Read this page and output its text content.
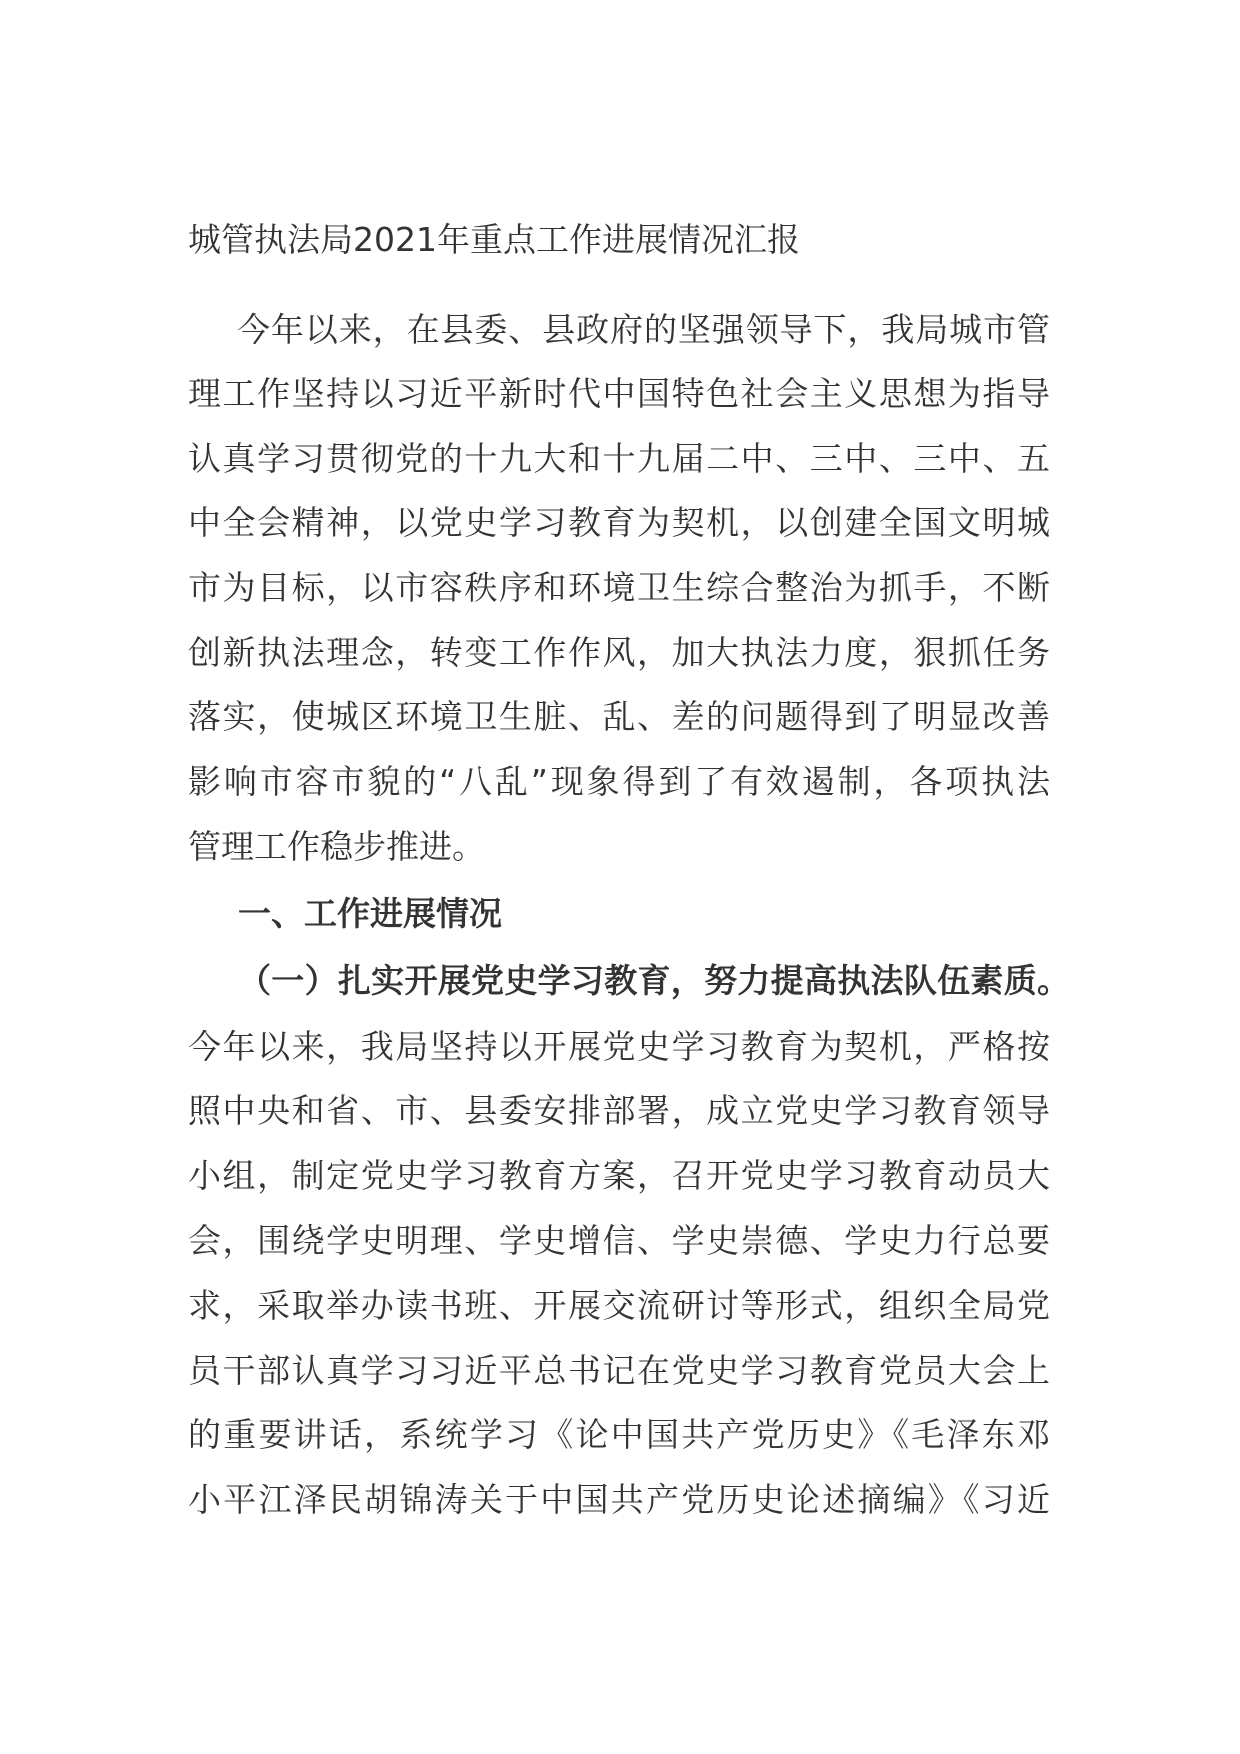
城管执法局2021年重点工作进展情况汇报
今年以来，在县委、县政府的坚强领导下，我局城市管
理工作坚持以习近平新时代中国特色社会主义思想为指导
认真学习贯彻党的十九大和十九届二中、三中、三中、五
中全会精神，以党史学习教育为契机，以创建全国文明城
市为目标，以市容秩序和环境卫生综合整治为抓手，不断
创新执法理念，转变工作作风，加大执法力度，狠抓任务
落实，使城区环境卫生脏、乱、差的问题得到了明显改善
影响市容市貌的“八乱”现象得到了有效遏制，各项执法
管理工作稳步推进。
一、工作进展情况
（一）扎实开展党史学习教育，努力提高执法队伍素质。
今年以来，我局坚持以开展党史学习教育为契机，严格按
照中央和省、市、县委安排部署，成立党史学习教育领导
小组，制定党史学习教育方案，召开党史学习教育动员大
会，围绕学史明理、学史增信、学史崇德、学史力行总要
求，采取举办读书班、开展交流研讨等形式，组织全局党
员干部认真学习习近平总书记在党史学习教育党员大会上
的重要讲话，系统学习《论中国共产党历史》《毛泽东邓
小平江泽民胡锦涛关于中国共产党历史论述摘编》《习近
